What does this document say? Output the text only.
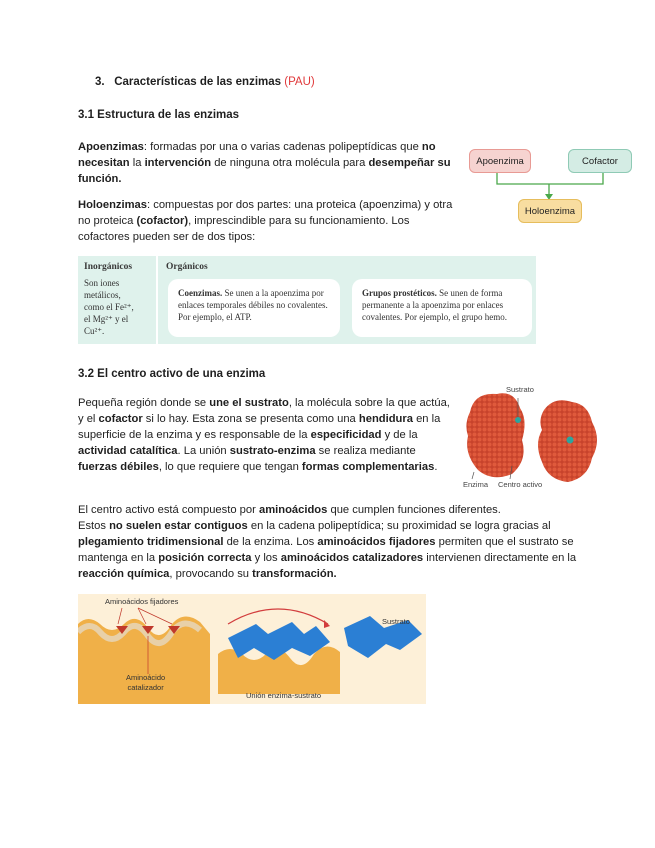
3. Características de las enzimas (PAU)
3.1 Estructura de las enzimas
Apoenzimas: formadas por una o varias cadenas polipeptídicas que no necesitan la intervención de ninguna otra molécula para desempeñar su función.
Holoenzimas: compuestas por dos partes: una proteica (apoenzima) y otra no proteica (cofactor), imprescindible para su funcionamiento. Los cofactores pueden ser de dos tipos:
Apoenzima	Cofactor
Holoenzima
Inorgánicos	Orgánicos
Son iones
metálicos,
como el Fe²⁺,
el Mg²⁺ y el
Cu²⁺.
Coenzimas. Se unen a la apoenzima por enlaces temporales débiles no covalentes. Por ejemplo, el ATP.
Grupos prostéticos. Se unen de forma permanente a la apoenzima por enlaces covalentes. Por ejemplo, el grupo hemo.
3.2 El centro activo de una enzima
Pequeña región donde se une el sustrato, la molécula sobre la que actúa, y el cofactor si lo hay. Esta zona se presenta como una hendidura en la superficie de la enzima y es responsable de la especificidad y de la actividad catalítica. La unión sustrato-enzima se realiza mediante fuerzas débiles, lo que requiere que tengan formas complementarias.
Sustrato
Enzima Centro activo
El centro activo está compuesto por aminoácidos que cumplen funciones diferentes.
Estos no suelen estar contiguos en la cadena polipeptídica; su proximidad se logra gracias al plegamiento tridimensional de la enzima. Los aminoácidos fijadores permiten que el sustrato se mantenga en la posición correcta y los aminoácidos catalizadores intervienen directamente en la reacción química, provocando su transformación.
Aminoácidos fijadores
Aminoácido
catalizador
Unión enzima-sustrato
Sustrato
